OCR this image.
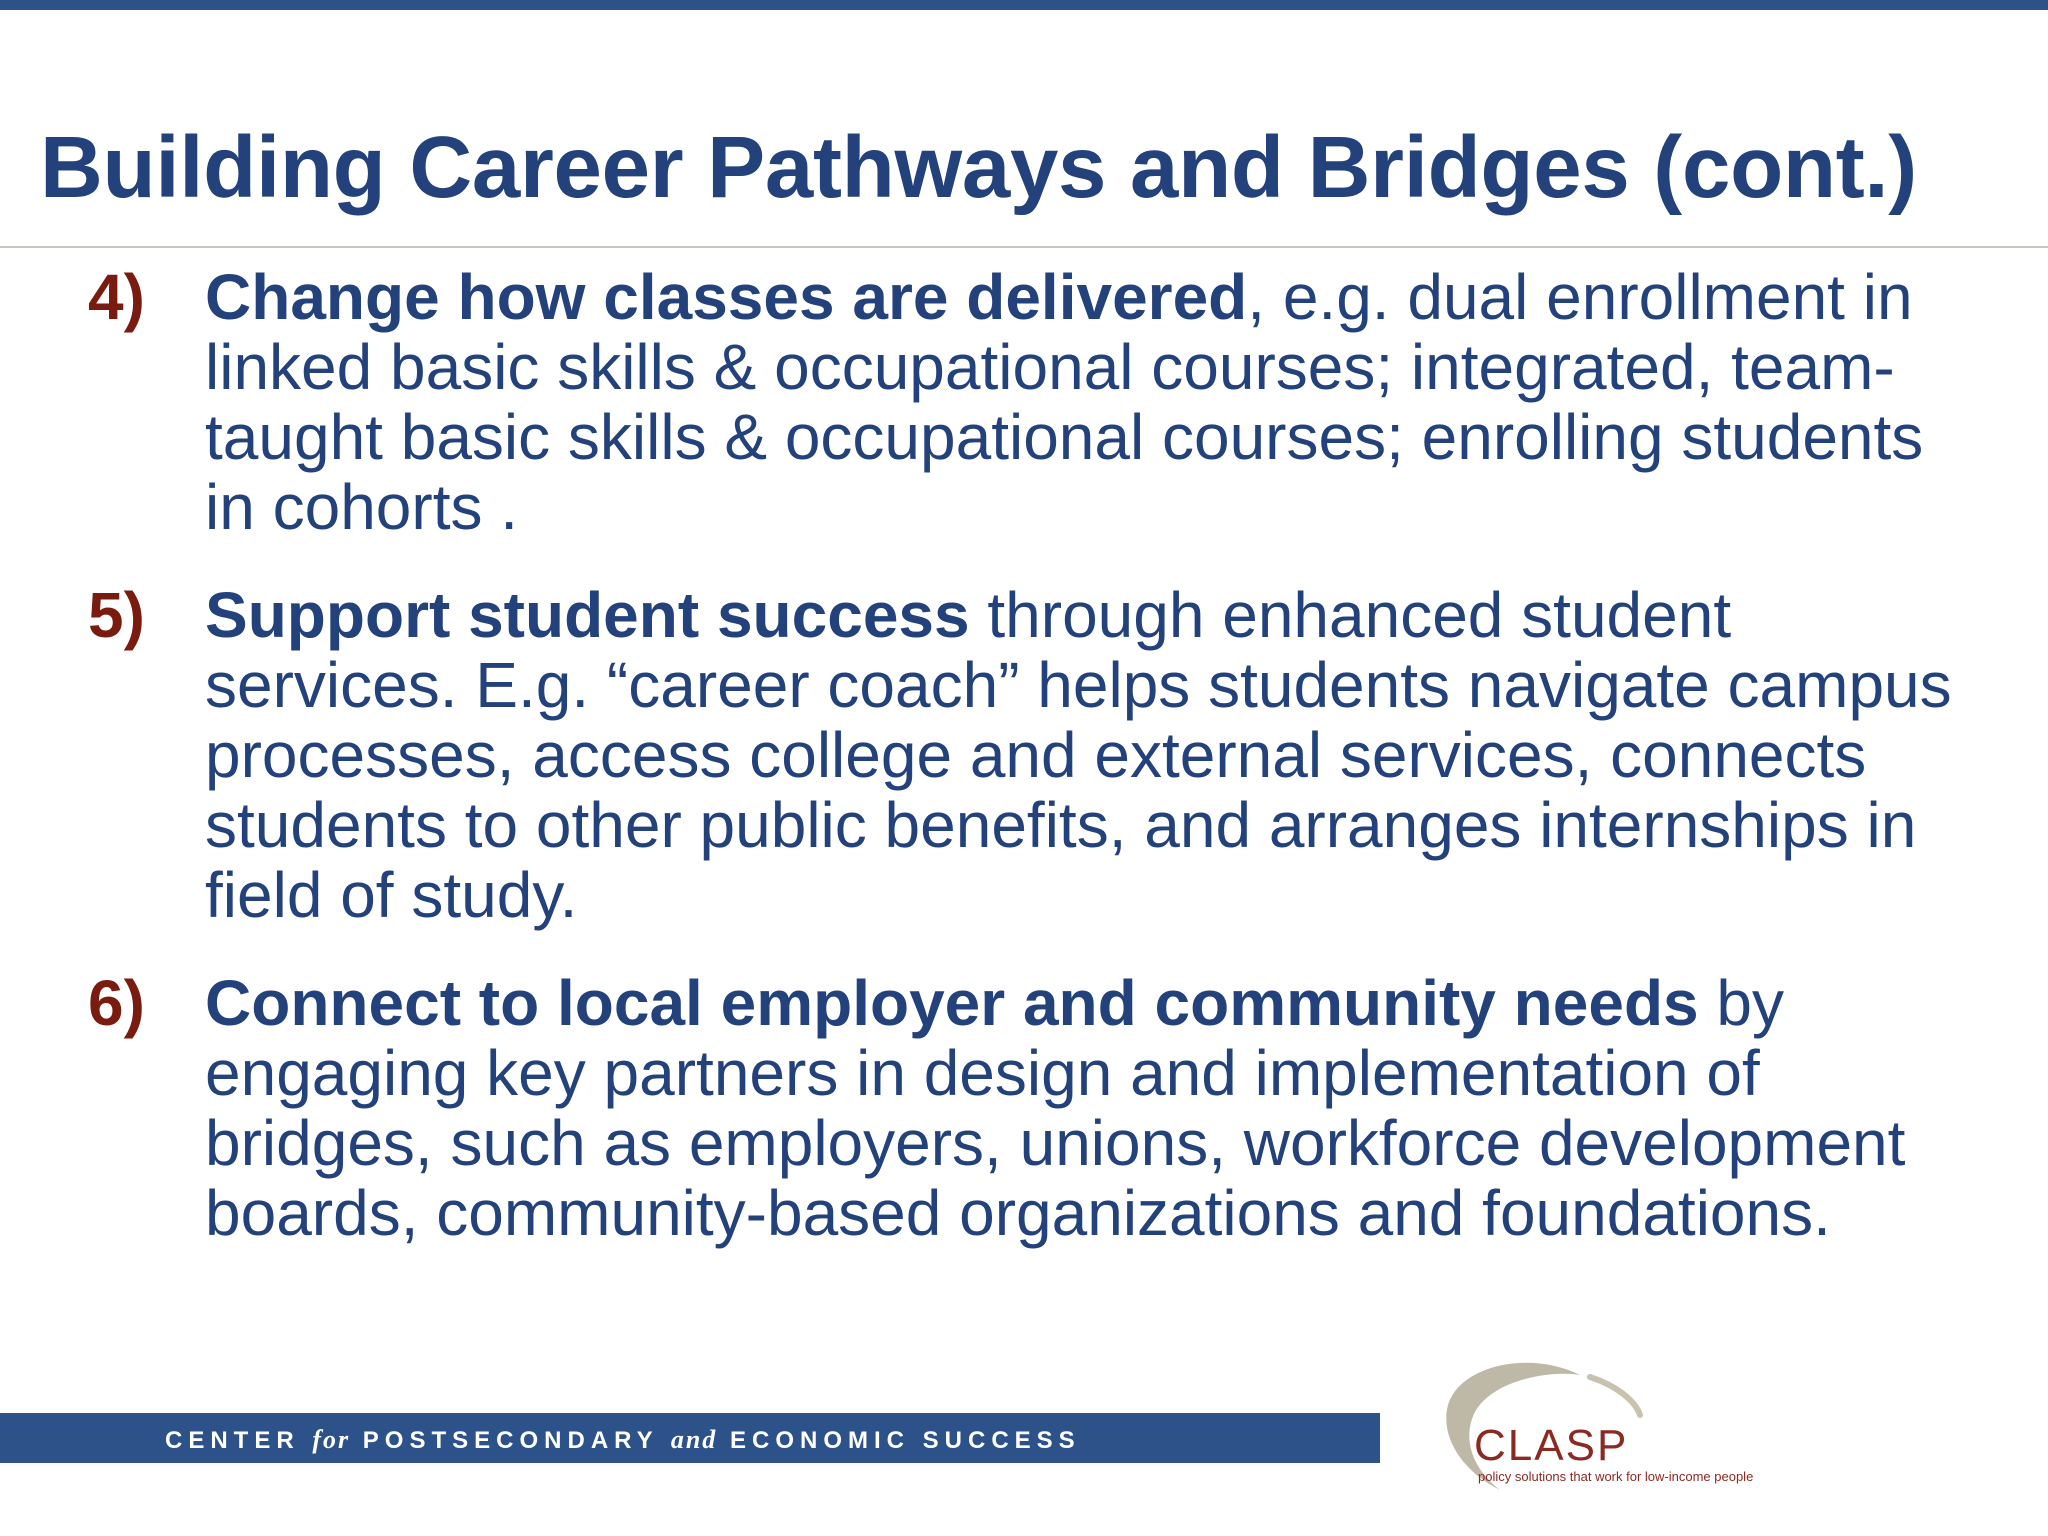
Building Career Pathways and Bridges (cont.)
4) Change how classes are delivered, e.g. dual enrollment in linked basic skills & occupational courses; integrated, team-taught basic skills & occupational courses; enrolling students in cohorts .
5) Support student success through enhanced student services. E.g. “career coach” helps students navigate campus processes, access college and external services, connects students to other public benefits, and arranges internships in field of study.
6) Connect to local employer and community needs by engaging key partners in design and implementation of bridges, such as employers, unions, workforce development boards, community-based organizations and foundations.
CENTER for POSTSECONDARY and ECONOMIC SUCCESS	CLASP
policy solutions that work for low-income people
